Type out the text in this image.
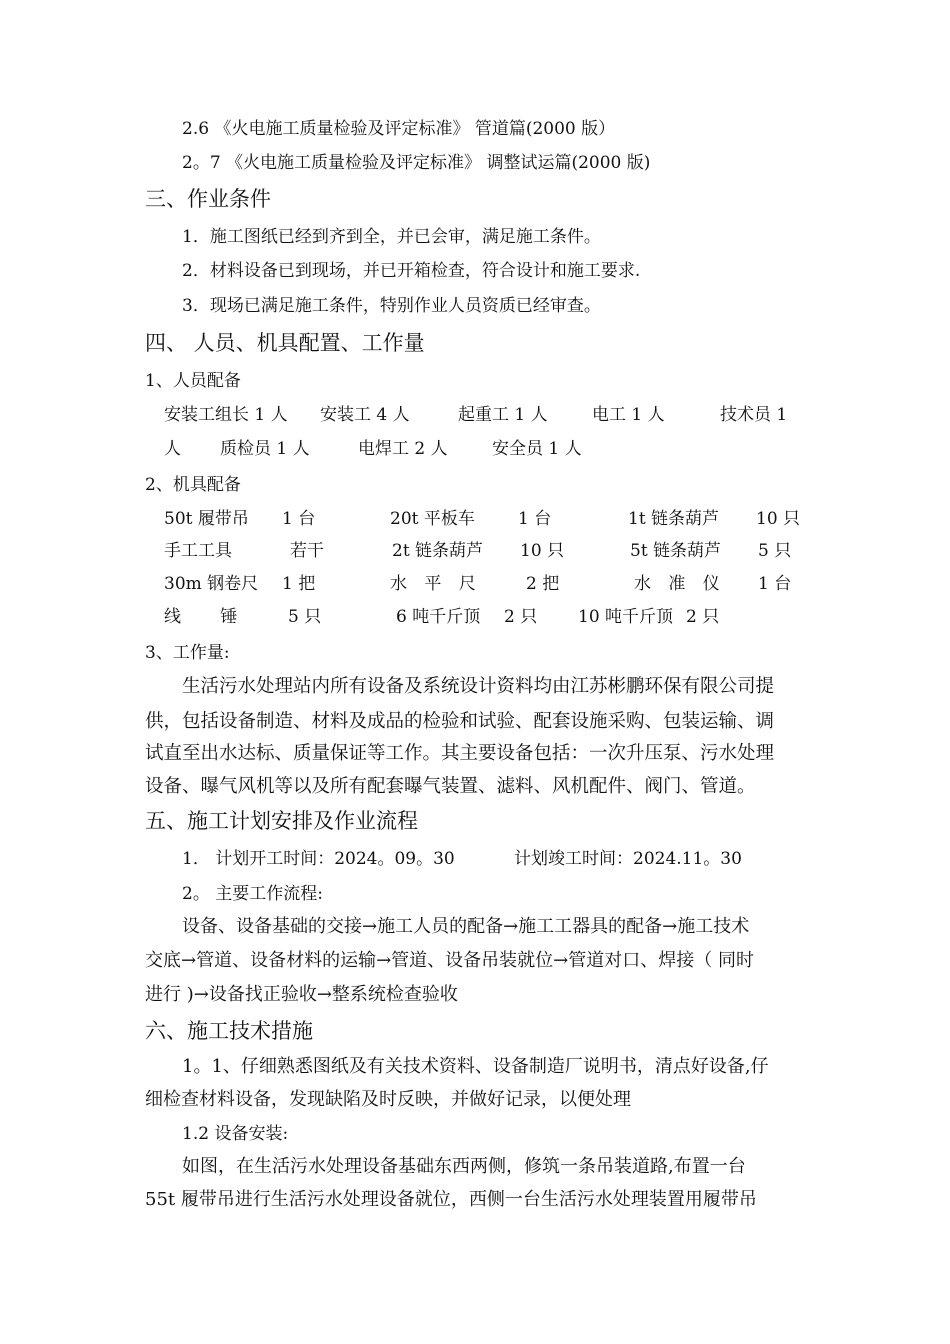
2.6 《火电施工质量检验及评定标准》 管道篇(2000 版）
2。7 《火电施工质量检验及评定标准》 调整试运篇(2000 版)
三、作业条件
1．施工图纸已经到齐到全，并已会审，满足施工条件。
2．材料设备已到现场，并已开箱检查，符合设计和施工要求.
3．现场已满足施工条件，特别作业人员资质已经审查。
四、 人员、机具配置、工作量
1、人员配备
安装工组长 1 人 安装工 4 人	起重工 1 人	电工 1 人	技术员 1
人 质检员 1 人	电焊工 2 人	安全员 1 人
2、机具配备
50t 履带吊 1 台	20t 平板车	1 台	1t 链条葫芦 10 只
手工工具	若干	2t 链条葫芦 10 只	5t 链条葫芦 5 只
30m 钢卷尺 1 把	水 平 尺	2 把	水 准 仪 1 台
线 锤	5 只	6 吨千斤顶 2 只 10 吨千斤顶 2 只
3、工作量:
生活污水处理站内所有设备及系统设计资料均由江苏彬鹏环保有限公司提
供，包括设备制造、材料及成品的检验和试验、配套设施采购、包装运输、调
试直至出水达标、质量保证等工作。其主要设备包括：一次升压泵、污水处理
设备、曝气风机等以及所有配套曝气装置、滤料、风机配件、阀门、管道。
五、施工计划安排及作业流程
1． 计划开工时间：2024。09。30	计划竣工时间：2024.11。30
2。 主要工作流程:
设备、设备基础的交接→施工人员的配备→施工工器具的配备→施工技术
交底→管道、设备材料的运输→管道、设备吊装就位→管道对口、焊接（ 同时
进行 )→设备找正验收→整系统检查验收
六、施工技术措施
1。1、仔细熟悉图纸及有关技术资料、设备制造厂说明书，清点好设备,仔
细检查材料设备，发现缺陷及时反映，并做好记录，以便处理
1.2 设备安装:
如图，在生活污水处理设备基础东西两侧，修筑一条吊装道路,布置一台
55t 履带吊进行生活污水处理设备就位，西侧一台生活污水处理装置用履带吊
